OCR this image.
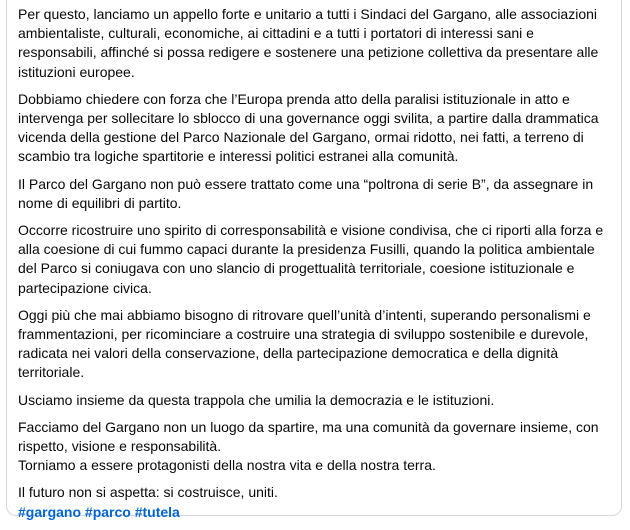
Per questo, lanciamo un appello forte e unitario a tutti i Sindaci del Gargano, alle associazioni
ambientaliste, culturali, economiche, ai cittadini e a tutti i portatori di interessi sani e
responsabili, affinché si possa redigere e sostenere una petizione collettiva da presentare alle
istituzioni europee.

Dobbiamo chiedere con forza che l’Europa prenda atto della paralisi istituzionale in atto e
intervenga per sollecitare lo sblocco di una governance oggi svilita, a partire dalla drammatica
vicenda della gestione del Parco Nazionale del Gargano, ormai ridotto, nei fatti, a terreno di
scambio tra logiche spartitorie e interessi politici estranei alla comunità.

Il Parco del Gargano non può essere trattato come una “poltrona di serie B”, da assegnare in
nome di equilibri di partito.

Occorre ricostruire uno spirito di corresponsabilità e visione condivisa, che ci riporti alla forza e
alla coesione di cui fummo capaci durante la presidenza Fusilli, quando la politica ambientale
del Parco si coniugava con uno slancio di progettualità territoriale, coesione istituzionale e
partecipazione civica.

Oggi più che mai abbiamo bisogno di ritrovare quell’unità d’intenti, superando personalismi e
frammentazioni, per ricominciare a costruire una strategia di sviluppo sostenibile e durevole,
radicata nei valori della conservazione, della partecipazione democratica e della dignità
territoriale.

Usciamo insieme da questa trappola che umilia la democrazia e le istituzioni.

Facciamo del Gargano non un luogo da spartire, ma una comunità da governare insieme, con
rispetto, visione e responsabilità.
Torniamo a essere protagonisti della nostra vita e della nostra terra.

Il futuro non si aspetta: si costruisce, uniti.
#gargano #parco #tutela
